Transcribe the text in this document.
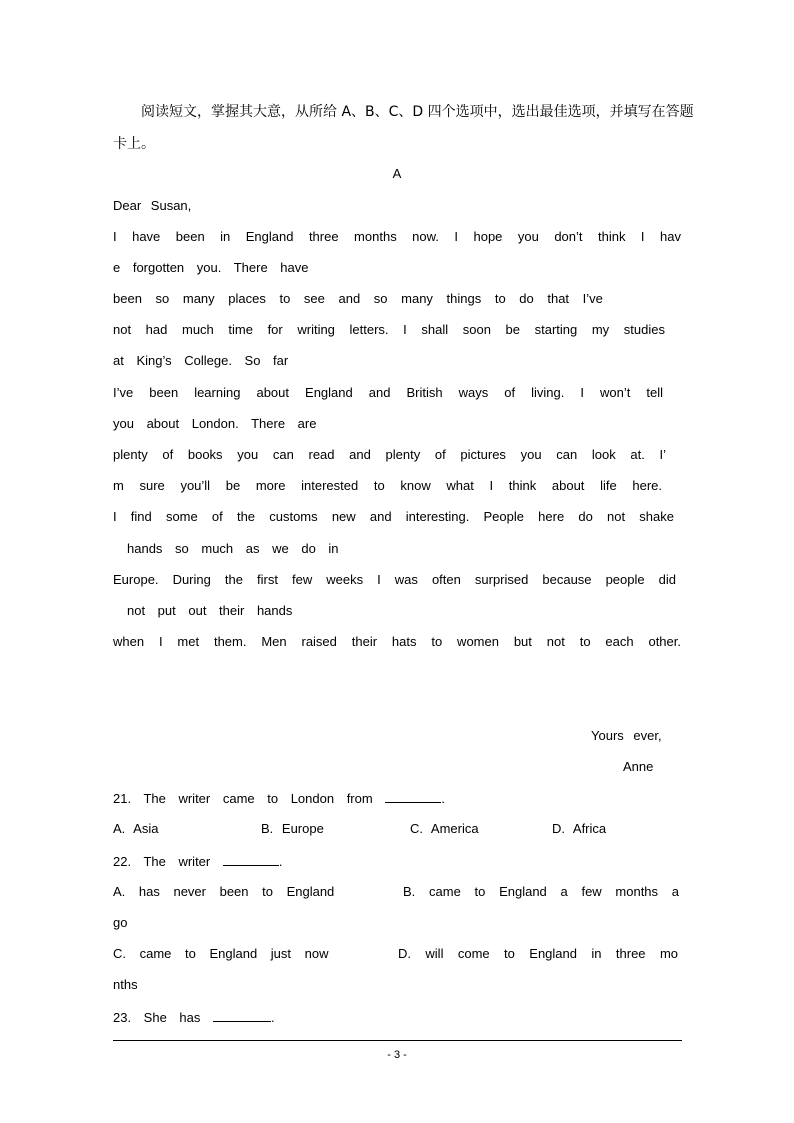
阅读短文，掌握其大意，从所给 A、B、C、D 四个选项中，选出最佳选项，并填写在答题
卡上。
A
Dear Susan,
I have been in England three months now. I hope you don’t think I hav
e forgotten you. There have
been so many places to see and so many things to do that I’ve
not had much time for writing letters. I shall soon be starting my studies
at King’s College. So far
I’ve been learning about England and British ways of living. I won’t tell
you about London. There are
plenty of books you can read and plenty of pictures you can look at. I’
m sure you’ll be more interested to know what I think about life here.
I find some of the customs new and interesting. People here do not shake
hands so much as we do in
Europe. During the first few weeks I was often surprised because people did
not put out their hands
when I met them. Men raised their hats to women but not to each other.
Yours ever,
Anne
21. The writer came to London from	.
A. Asia	B. Europe	C. America	D. Africa
22. The writer	.
A. has never been to England	B. came to England a few months a
go
C. came to England just now	D. will come to England in three mo
nths
23. She has	.
- 3 -
